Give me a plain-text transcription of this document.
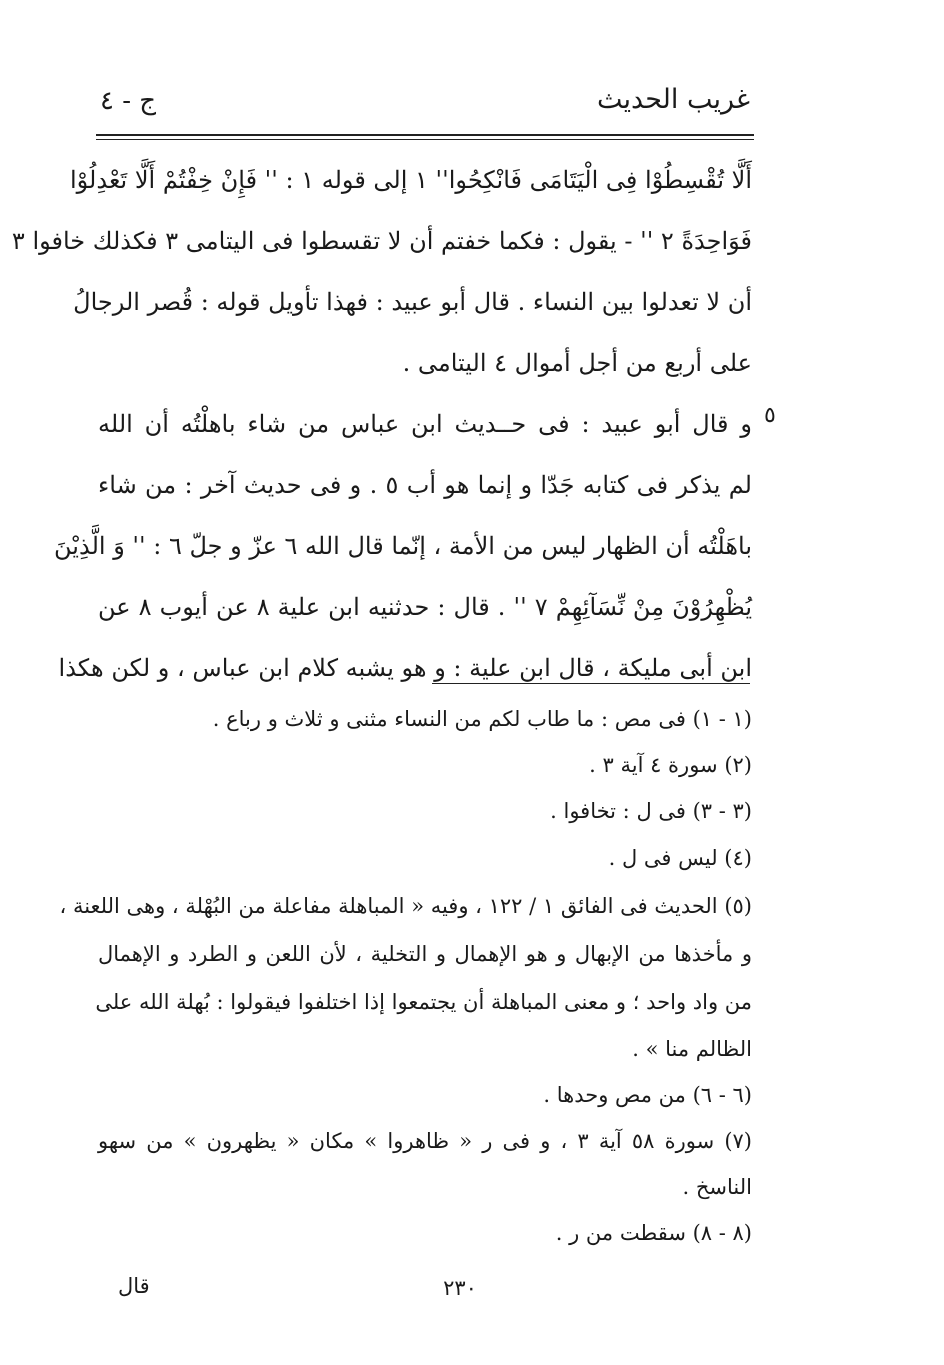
غريب الحديث
ج - ٤
أَلَّا تُقْسِطُوْا فِى الْيَتَامَى فَانْكِحُوا'' ١ إلى قوله ١ : '' فَإِنْ خِفْتُمْ أَلَّا تَعْدِلُوْا
فَوَاحِدَةً ٢ '' - يقول : فكما خفتم أن لا تقسطوا فى اليتامى ٣ فكذلك خافوا ٣
أن لا تعدلوا بين النساء . قال أبو عبيد : فهذا تأويل قوله : قُصر الرجالُ
على أربع من أجل أموال ٤ اليتامى .
و قال أبو عبيد : فى حــديث ابن عباس من شاء باهلْتُه أن الله
لم يذكر فى كتابه جَدّا و إنما هو أب ٥ . و فى حديث آخر : من شاء
باهَلْتُه أن الظهار ليس من الأمة ، إنّما قال الله ٦ عزّ و جلّ ٦ : '' وَ الَّذِيْنَ
يُظْهِرُوْنَ مِنْ نِّسَآئِهِمْ ٧ '' . قال : حدثنيه ابن علية ٨ عن أيوب ٨ عن
ابن أبى مليكة ، قال ابن علية : و هو يشبه كلام ابن عباس ، و لكن هكذا
٥
(١ - ١) فى مص : ما طاب لكم من النساء مثنى و ثلاث و رباع .
(٢) سورة ٤ آية ٣ .
(٣ - ٣) فى ل : تخافوا .
(٤) ليس فى ل .
(٥) الحديث فى الفائق ١ / ١٢٢ ، وفيه « المباهلة مفاعلة من البُهْلة ، وهى اللعنة ،
و مأخذها من الإبهال و هو الإهمال و التخلية ، لأن اللعن و الطرد و الإهمال
من واد واحد ؛ و معنى المباهلة أن يجتمعوا إذا اختلفوا فيقولوا : بُهلة الله على
الظالم منا » .
(٦ - ٦) من مص وحدها .
(٧) سورة ٥٨ آية ٣ ، و فى ر « ظاهروا » مكان « يظهرون » من سهو
الناسخ .
(٨ - ٨) سقطت من ر .
٢٣٠
قال
